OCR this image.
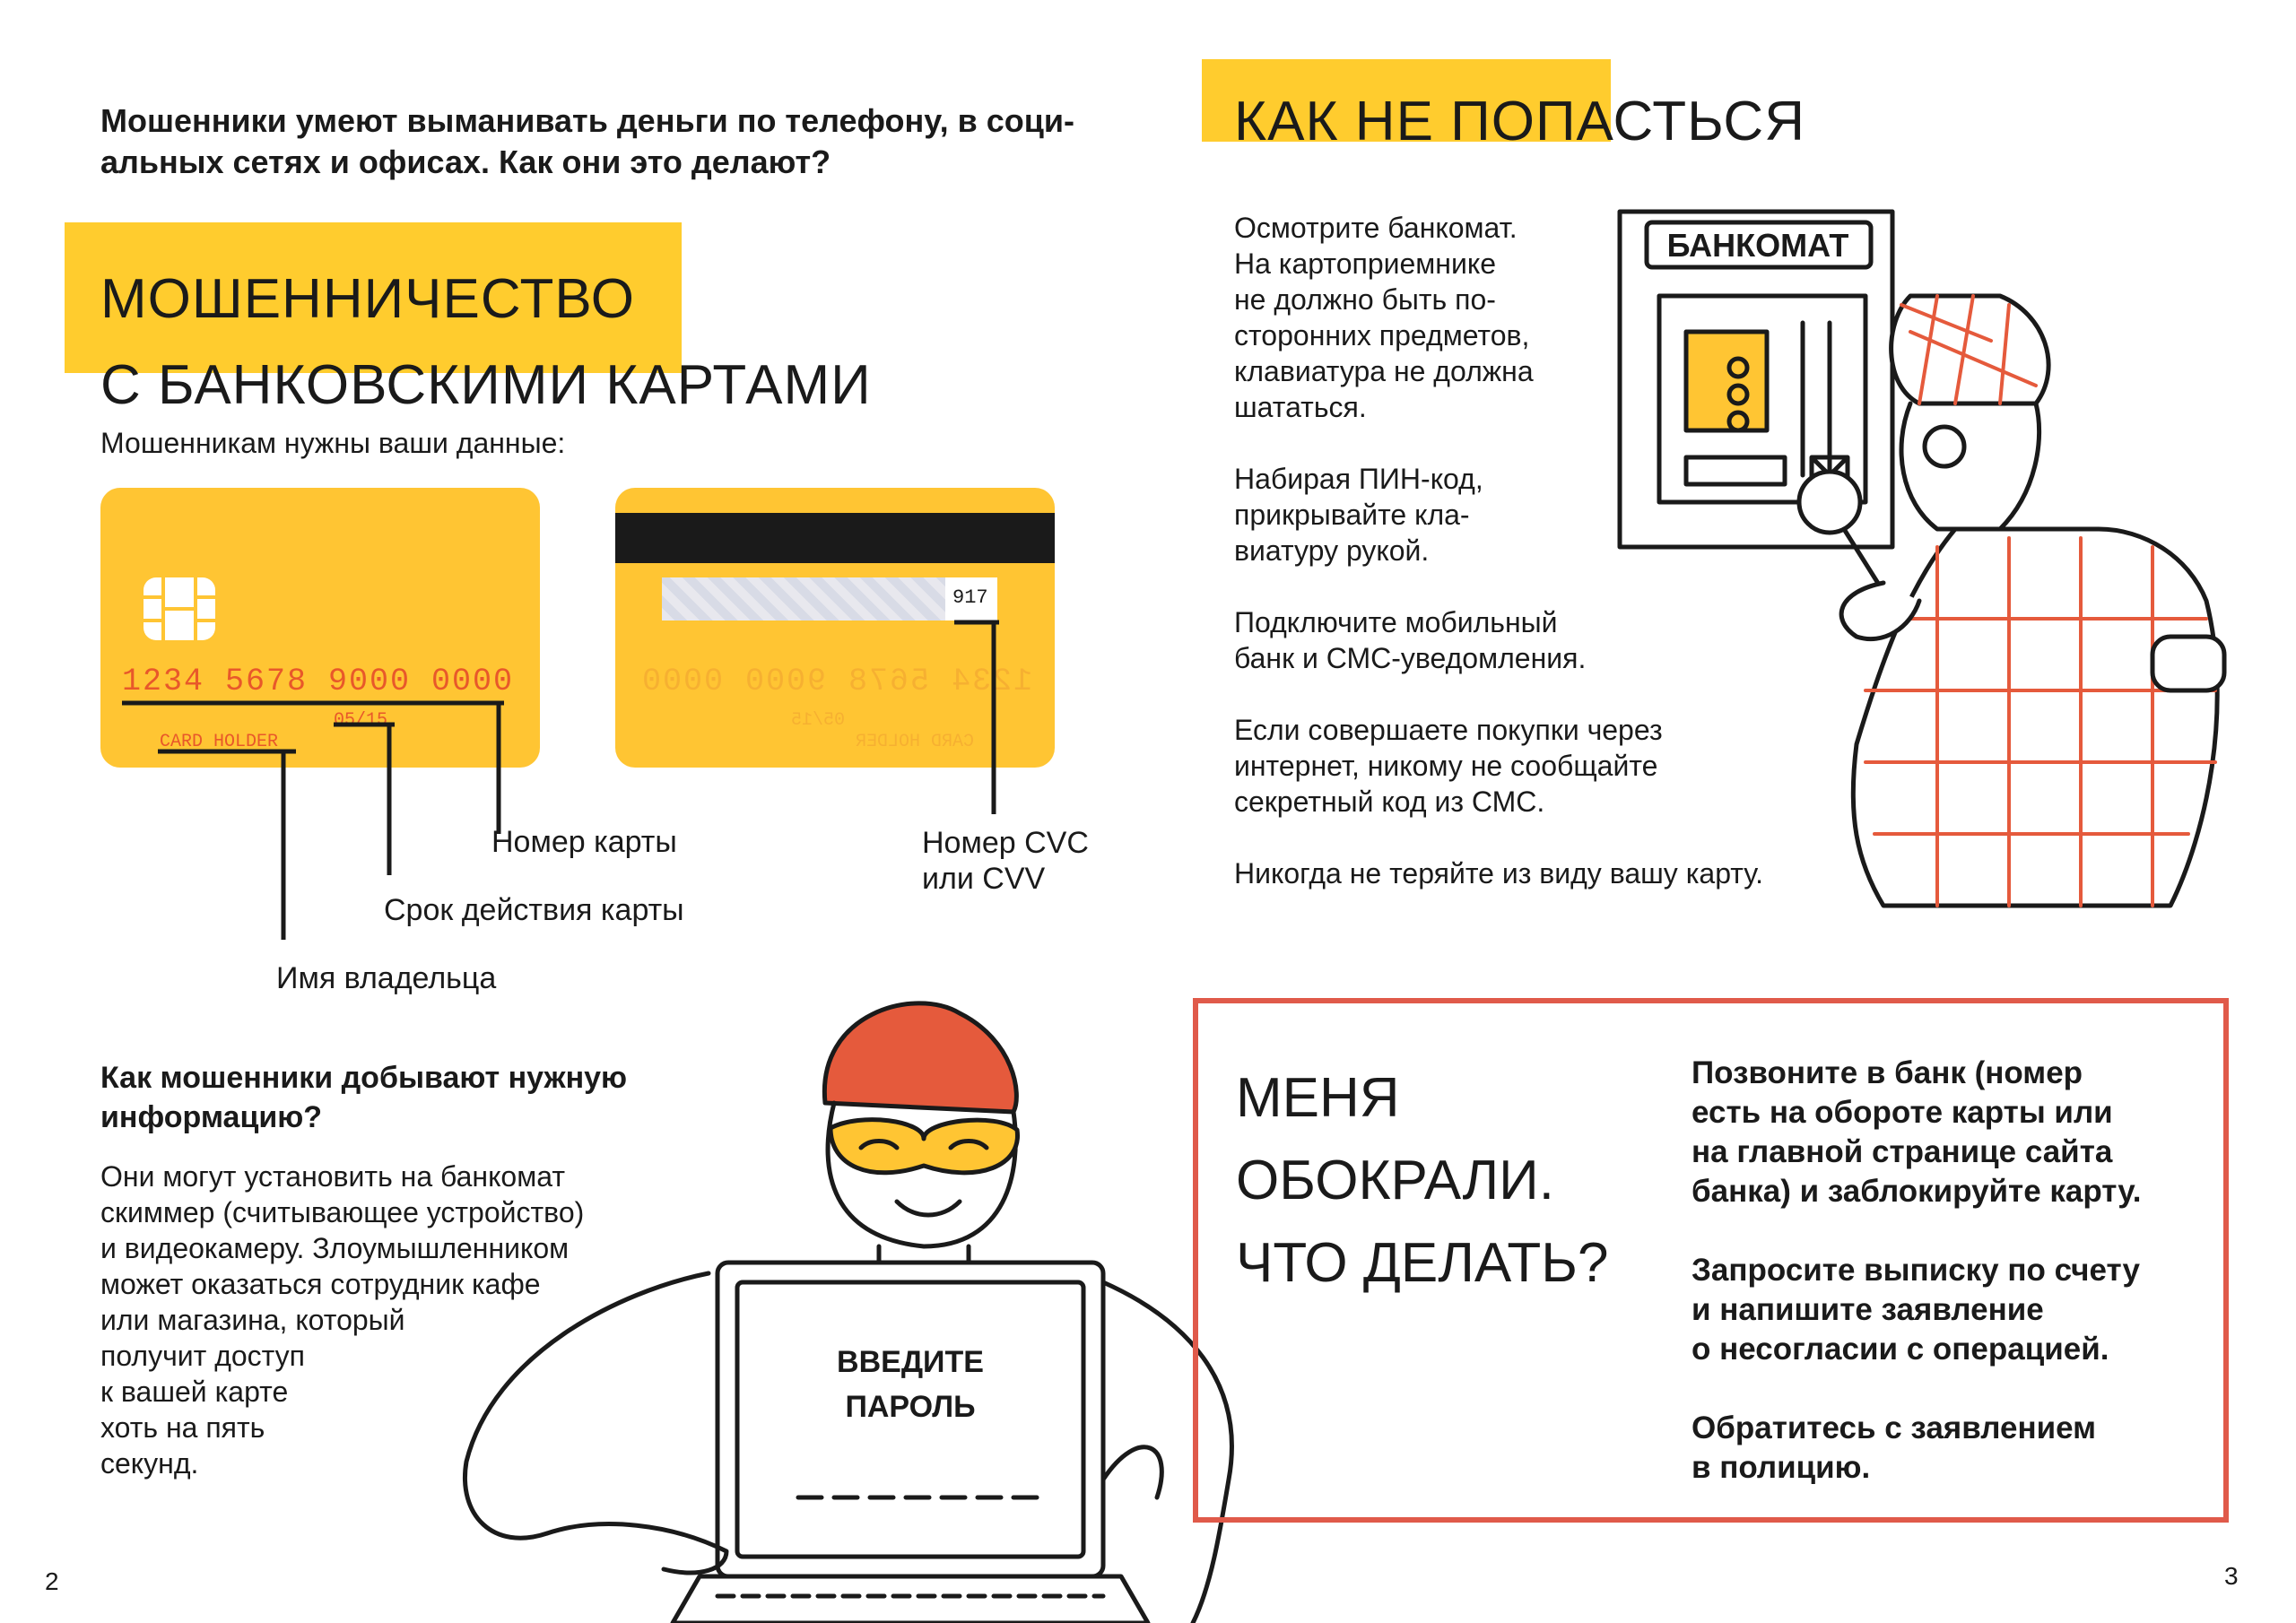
Мошенники умеют выманивать деньги по телефону, в соци-
альных сетях и офисах. Как они это делают?
МОШЕННИЧЕСТВО
С БАНКОВСКИМИ КАРТАМИ
Мошенникам нужны ваши данные:
1234 5678 9000 0000
05/15
CARD HOLDER
917
1234 5678 9000 0000
05/15
CARD HOLDER
Номер карты
Срок действия карты
Имя владельца
Номер CVC
или CVV
Как мошенники добывают нужную
информацию?
Они могут установить на банкомат
скиммер (считывающее устройство)
и видеокамеру. Злоумышленником
может оказаться сотрудник кафе
или магазина, который
получит доступ
к вашей карте
хоть на пять
секунд.
ВВЕДИТЕ
ПАРОЛЬ
2
КАК НЕ ПОПАСТЬСЯ

Осмотрите банкомат.
На картоприемнике
не должно быть по-
сторонних предметов,
клавиатура не должна
шататься.

Набирая ПИН-код,
прикрывайте кла-
виатуру рукой.

Подключите мобильный
банк и СМС-уведомления.

Если совершаете покупки через
интернет, никому не сообщайте
секретный код из СМС.

Никогда не теряйте из виду вашу карту.

БАНКОМАТ
МЕНЯ
ОБОКРАЛИ.
ЧТО ДЕЛАТЬ?

Позвоните в банк (номер
есть на обороте карты или
на главной странице сайта
банка) и заблокируйте карту.

Запросите выписку по счету
и напишите заявление
о несогласии с операцией.

Обратитесь с заявлением
в полицию.

3
